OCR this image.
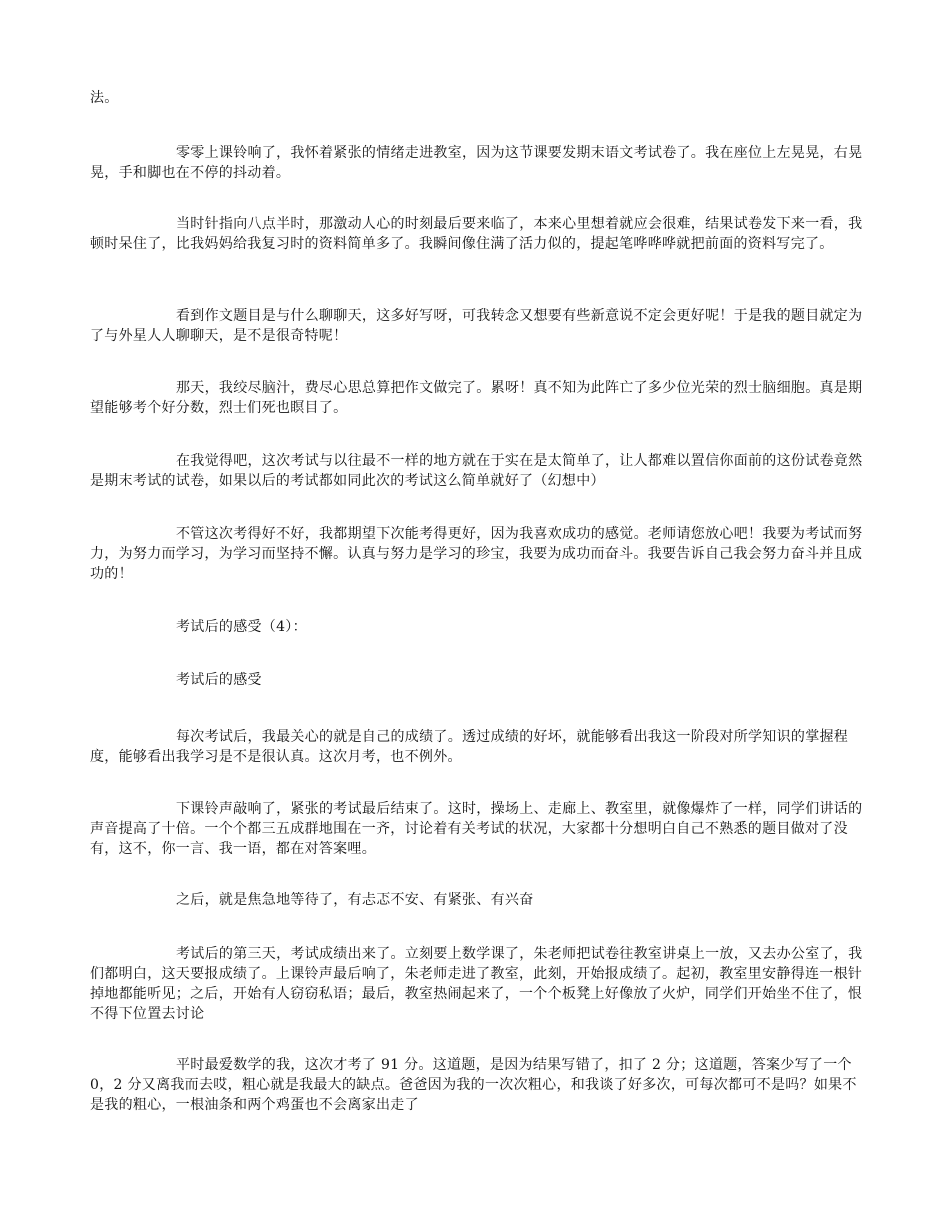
法。

零零上课铃响了，我怀着紧张的情绪走进教室，因为这节课要发期末语文考试卷了。我在座位上左晃晃，右晃晃，手和脚也在不停的抖动着。

当时针指向八点半时，那激动人心的时刻最后要来临了，本来心里想着就应会很难，结果试卷发下来一看，我顿时呆住了，比我妈妈给我复习时的资料简单多了。我瞬间像住满了活力似的，提起笔哗哗哗就把前面的资料写完了。

看到作文题目是与什么聊聊天，这多好写呀，可我转念又想要有些新意说不定会更好呢！于是我的题目就定为了与外星人人聊聊天，是不是很奇特呢！

那天，我绞尽脑汁，费尽心思总算把作文做完了。累呀！真不知为此阵亡了多少位光荣的烈士脑细胞。真是期望能够考个好分数，烈士们死也瞑目了。

在我觉得吧，这次考试与以往最不一样的地方就在于实在是太简单了，让人都难以置信你面前的这份试卷竟然是期末考试的试卷，如果以后的考试都如同此次的考试这么简单就好了（幻想中）

不管这次考得好不好，我都期望下次能考得更好，因为我喜欢成功的感觉。老师请您放心吧！我要为考试而努力，为努力而学习，为学习而坚持不懈。认真与努力是学习的珍宝，我要为成功而奋斗。我要告诉自己我会努力奋斗并且成功的！

考试后的感受（4）：

考试后的感受

每次考试后，我最关心的就是自己的成绩了。透过成绩的好坏，就能够看出我这一阶段对所学知识的掌握程度，能够看出我学习是不是很认真。这次月考，也不例外。

下课铃声敲响了，紧张的考试最后结束了。这时，操场上、走廊上、教室里，就像爆炸了一样，同学们讲话的声音提高了十倍。一个个都三五成群地围在一齐，讨论着有关考试的状况，大家都十分想明白自己不熟悉的题目做对了没有，这不，你一言、我一语，都在对答案哩。

之后，就是焦急地等待了，有忐忑不安、有紧张、有兴奋

考试后的第三天，考试成绩出来了。立刻要上数学课了，朱老师把试卷往教室讲桌上一放，又去办公室了，我们都明白，这天要报成绩了。上课铃声最后响了，朱老师走进了教室，此刻，开始报成绩了。起初，教室里安静得连一根针掉地都能听见；之后，开始有人窃窃私语；最后，教室热闹起来了，一个个板凳上好像放了火炉，同学们开始坐不住了，恨不得下位置去讨论

平时最爱数学的我，这次才考了 91 分。这道题，是因为结果写错了，扣了 2 分；这道题，答案少写了一个 0，2 分又离我而去哎，粗心就是我最大的缺点。爸爸因为我的一次次粗心，和我谈了好多次，可每次都可不是吗？如果不是我的粗心，一根油条和两个鸡蛋也不会离家出走了
